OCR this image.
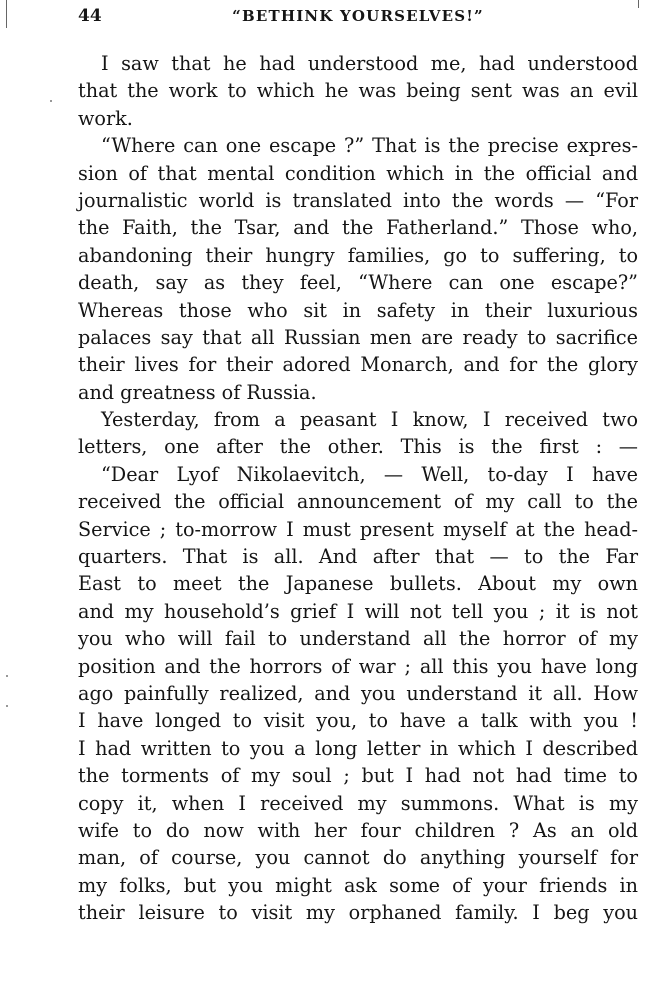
44	“BETHINK YOURSELVES!”
I saw that he had understood me, had understood
that the work to which he was being sent was an evil
work.
“Where can one escape ?” That is the precise expres-
sion of that mental condition which in the official and
journalistic world is translated into the words — “For
the Faith, the Tsar, and the Fatherland.” Those who,
abandoning their hungry families, go to suffering, to
death, say as they feel, “Where can one escape?”
Whereas those who sit in safety in their luxurious
palaces say that all Russian men are ready to sacrifice
their lives for their adored Monarch, and for the glory
and greatness of Russia.
Yesterday, from a peasant I know, I received two
letters, one after the other. This is the first : —
“Dear Lyof Nikolaevitch, — Well, to-day I have
received the official announcement of my call to the
Service ; to-morrow I must present myself at the head-
quarters. That is all. And after that — to the Far
East to meet the Japanese bullets. About my own
and my household’s grief I will not tell you ; it is not
you who will fail to understand all the horror of my
position and the horrors of war ; all this you have long
ago painfully realized, and you understand it all. How
I have longed to visit you, to have a talk with you !
I had written to you a long letter in which I described
the torments of my soul ; but I had not had time to
copy it, when I received my summons. What is my
wife to do now with her four children ? As an old
man, of course, you cannot do anything yourself for
my folks, but you might ask some of your friends in
their leisure to visit my orphaned family. I beg you
